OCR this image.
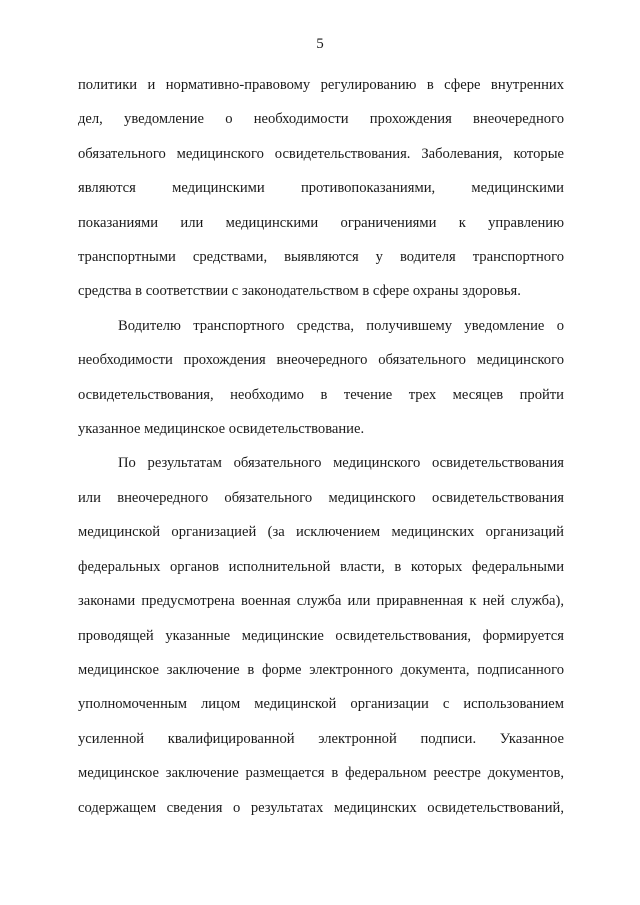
5
политики и нормативно-правовому регулированию в сфере внутренних
дел, уведомление о необходимости прохождения внеочередного
обязательного медицинского освидетельствования. Заболевания, которые
являются медицинскими противопоказаниями, медицинскими
показаниями или медицинскими ограничениями к управлению
транспортными средствами, выявляются у водителя транспортного
средства в соответствии с законодательством в сфере охраны здоровья.
Водителю транспортного средства, получившему уведомление о
необходимости прохождения внеочередного обязательного медицинского
освидетельствования, необходимо в течение трех месяцев пройти
указанное медицинское освидетельствование.
По результатам обязательного медицинского освидетельствования
или внеочередного обязательного медицинского освидетельствования
медицинской организацией (за исключением медицинских организаций
федеральных органов исполнительной власти, в которых федеральными
законами предусмотрена военная служба или приравненная к ней служба),
проводящей указанные медицинские освидетельствования, формируется
медицинское заключение в форме электронного документа, подписанного
уполномоченным лицом медицинской организации с использованием
усиленной квалифицированной электронной подписи. Указанное
медицинское заключение размещается в федеральном реестре документов,
содержащем сведения о результатах медицинских освидетельствований,
